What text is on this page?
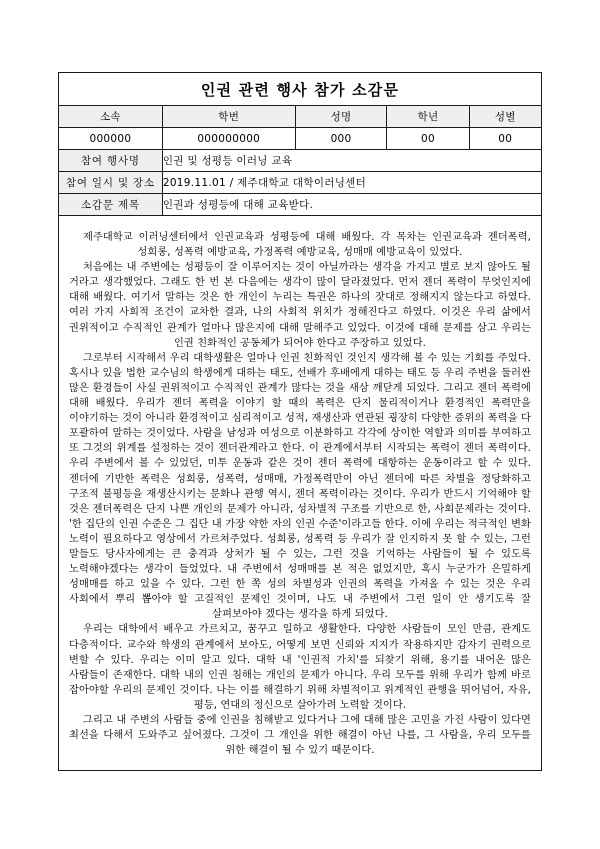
인권 관련 행사 참가 소감문				
소속	학번	성명	학년	성별
000000	000000000	000	00	00
참여 행사명	인권 및 성평등 이러닝 교육			
참여 일시 및 장소	2019.11.01 / 제주대학교 대학이러닝센터			
소감문 제목	인권과 성평등에 대해 교육받다.			

제주대학교 이러닝센터에서 인권교육과 성평등에 대해 배웠다. 각 목차는 인권교육과 젠더폭력, 성희롱, 성폭력 예방교육, 가정폭력 예방교육, 성매매 예방교육이 있었다.

처음에는 내 주변에는 성평등이 잘 이루어지는 것이 아닐까라는 생각을 가지고 별로 보지 않아도 될 거라고 생각했었다. 그래도 한 번 본 다음에는 생각이 많이 달라졌었다. 먼저 젠더 폭력이 무엇인지에 대해 배웠다. 여기서 말하는 것은 한 개인이 누리는 특권은 하나의 잣대로 정해지지 않는다고 하였다. 여러 가지 사회적 조건이 교차한 결과, 나의 사회적 위치가 정해진다고 하였다. 이것은 우리 삶에서 권위적이고 수직적인 관계가 얼마나 많은지에 대해 말해주고 있었다. 이것에 대해 문제를 삼고 우리는 인권 친화적인 공동체가 되어야 한다고 주장하고 있었다.

그로부터 시작해서 우리 대학생활은 얼마나 인권 친화적인 것인지 생각해 볼 수 있는 기회를 주었다. 혹시나 있을 법한 교수님의 학생에게 대하는 태도, 선배가 후배에게 대하는 태도 등 우리 주변을 둘러싼 많은 환경들이 사실 권위적이고 수직적인 관계가 많다는 것을 새삼 깨닫게 되었다. 그리고 젠더 폭력에 대해 배웠다. 우리가 젠더 폭력을 이야기 할 때의 폭력은 단지 물리적이거나 환경적인 폭력만을 이야기하는 것이 아니라 환경적이고 심리적이고 성적, 재생산과 연관된 굉장히 다양한 증위의 폭력을 다 포괄하여 말하는 것이었다. 사람을 남성과 여성으로 이분화하고 각각에 상이한 역할과 의미를 부여하고 또 그것의 위계를 설정하는 것이 젠더관계라고 한다. 이 관계에서부터 시작되는 폭력이 젠더 폭력이다. 우리 주변에서 볼 수 있었던, 미투 운동과 같은 것이 젠더 폭력에 대항하는 운동이라고 할 수 있다. 젠더에 기반한 폭력은 성희롱, 성폭력, 성매매, 가정폭력만이 아닌 젠더에 따른 차별을 정당화하고 구조적 불평등을 재생산시키는 문화나 관행 역시, 젠더 폭력이라는 것이다. 우리가 반드시 기억해야 할 것은 젠더폭력은 단지 나쁜 개인의 문제가 아니라, 성차별적 구조를 기반으로 한, 사회문제라는 것이다. '한 집단의 인권 수준은 그 집단 내 가장 약한 자의 인권 수준'이라고들 한다. 이에 우리는 적극적인 변화 노력이 필요하다고 영상에서 가르쳐주었다. 성희롱, 성폭력 등 우리가 잘 인지하지 못 할 수 있는, 그런 말들도 당사자에게는 큰 충격과 상처가 될 수 있는, 그런 것을 기억하는 사람들이 될 수 있도록 노력해야겠다는 생각이 들었었다. 내 주변에서 성매매를 본 적은 없었지만, 혹시 누군가가 은밀하게 성매매를 하고 있을 수 있다. 그런 한 쪽 성의 차별성과 인권의 폭력을 가져올 수 있는 것은 우리 사회에서 뿌리 뽑아야 할 고질적인 문제인 것이며, 나도 내 주변에서 그런 일이 안 생기도록 잘 살펴보아야 겠다는 생각을 하게 되었다.

우리는 대학에서 배우고 가르치고, 꿈꾸고 일하고 생활한다. 다양한 사람들이 모인 만큼, 관계도 다층적이다. 교수와 학생의 관계에서 보아도, 어떻게 보면 신뢰와 지지가 작용하지만 갑자기 권력으로 변할 수 있다. 우리는 이미 알고 있다. 대학 내 '인권적 가치'를 되찾기 위해, 용기를 내어온 많은 사람들이 존재한다. 대학 내의 인권 침해는 개인의 문제가 아니다. 우리 모두를 위해 우리가 함께 바로 잡아야할 우리의 문제인 것이다. 나는 이를 해결하기 위해 차별적이고 위계적인 관행을 뛰어넘어, 자유, 평등, 연대의 정신으로 살아가려 노력할 것이다.

그리고 내 주변의 사람들 중에 인권을 침해받고 있다거나 그에 대해 많은 고민을 가진 사람이 있다면 최선을 다해서 도와주고 싶어졌다. 그것이 그 개인을 위한 해결이 아닌 나를, 그 사람을, 우리 모두를 위한 해결이 될 수 있기 때문이다.
